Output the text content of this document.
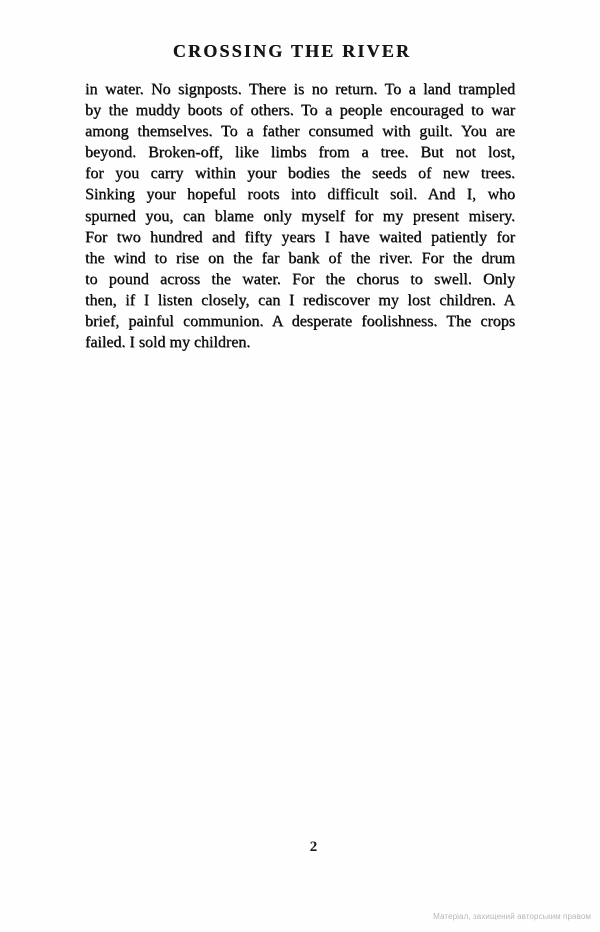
CROSSING THE RIVER
in water. No signposts. There is no return. To a land trampled
by the muddy boots of others. To a people encouraged to war
among themselves. To a father consumed with guilt. You are
beyond. Broken-off, like limbs from a tree. But not lost,
for you carry within your bodies the seeds of new trees.
Sinking your hopeful roots into difficult soil. And I, who
spurned you, can blame only myself for my present misery.
For two hundred and fifty years I have waited patiently for
the wind to rise on the far bank of the river. For the drum
to pound across the water. For the chorus to swell. Only
then, if I listen closely, can I rediscover my lost children. A
brief, painful communion. A desperate foolishness. The crops
failed. I sold my children.
2
Матеріал, захищений авторським правом
